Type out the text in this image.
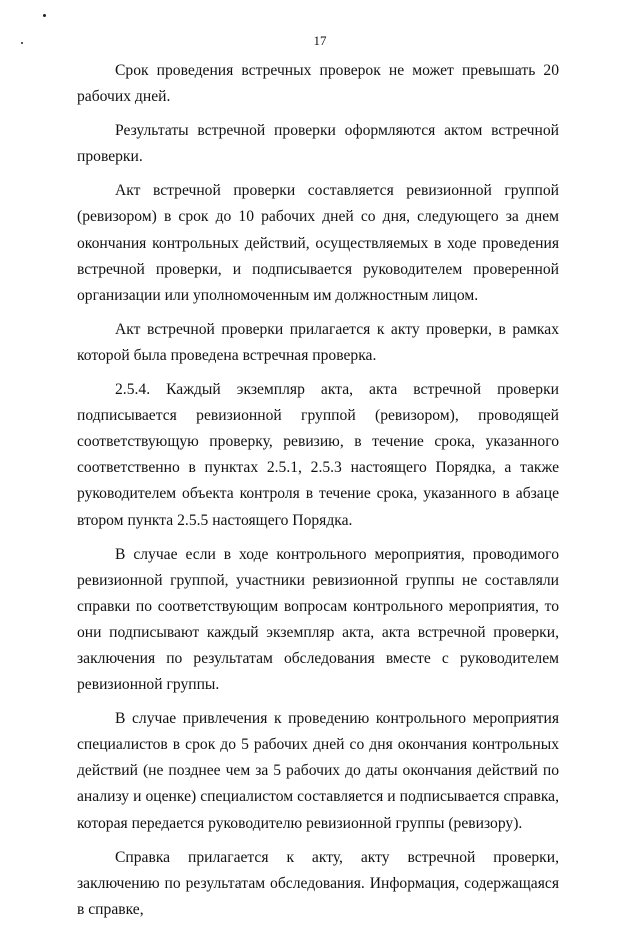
17

Срок проведения встречных проверок не может превышать 20 рабочих дней.

Результаты встречной проверки оформляются актом встречной проверки.

Акт встречной проверки составляется ревизионной группой (ревизором) в срок до 10 рабочих дней со дня, следующего за днем окончания контрольных действий, осуществляемых в ходе проведения встречной проверки, и подписывается руководителем проверенной организации или уполномоченным им должностным лицом.

Акт встречной проверки прилагается к акту проверки, в рамках которой была проведена встречная проверка.

2.5.4. Каждый экземпляр акта, акта встречной проверки подписывается ревизионной группой (ревизором), проводящей соответствующую проверку, ревизию, в течение срока, указанного соответственно в пунктах 2.5.1, 2.5.3 настоящего Порядка, а также руководителем объекта контроля в течение срока, указанного в абзаце втором пункта 2.5.5 настоящего Порядка.

В случае если в ходе контрольного мероприятия, проводимого ревизионной группой, участники ревизионной группы не составляли справки по соответствующим вопросам контрольного мероприятия, то они подписывают каждый экземпляр акта, акта встречной проверки, заключения по результатам обследования вместе с руководителем ревизионной группы.

В случае привлечения к проведению контрольного мероприятия специалистов в срок до 5 рабочих дней со дня окончания контрольных действий (не позднее чем за 5 рабочих до даты окончания действий по анализу и оценке) специалистом составляется и подписывается справка, которая передается руководителю ревизионной группы (ревизору).

Справка прилагается к акту, акту встречной проверки, заключению по результатам обследования. Информация, содержащаяся в справке,
